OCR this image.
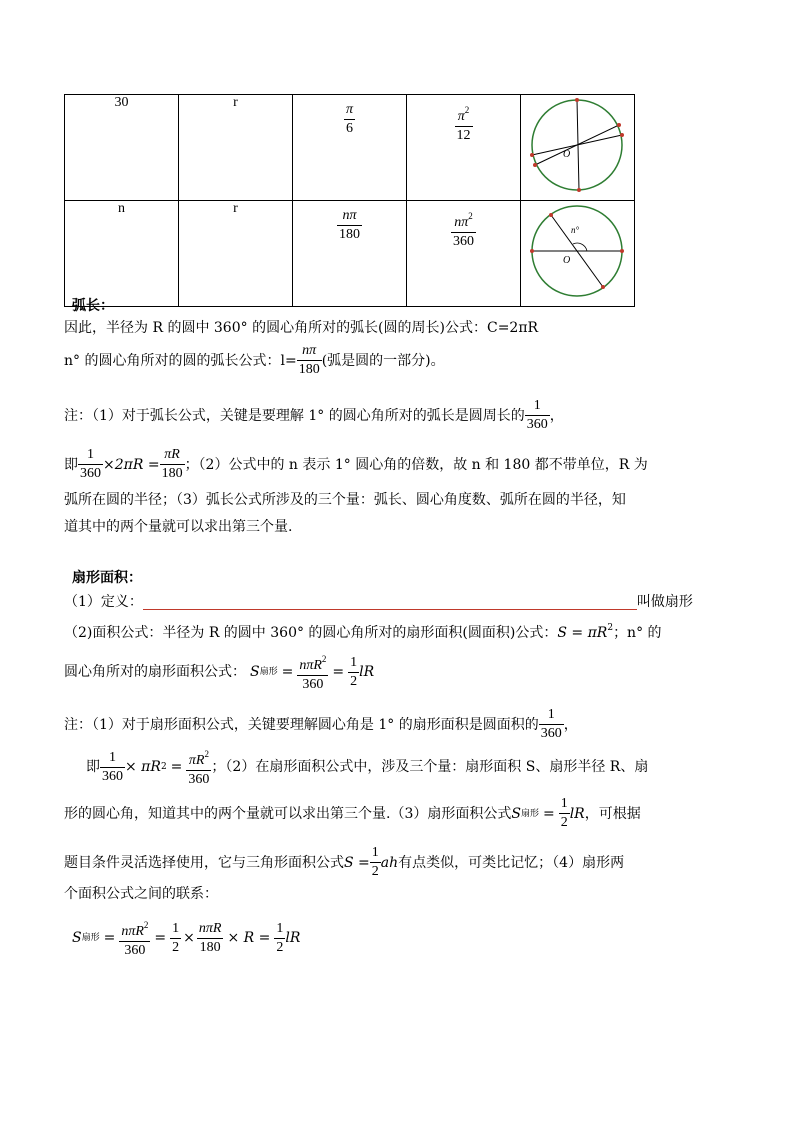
30	r	$\frac{\pi}{6}$	$\frac{\pi^2}{12}$	O

n	r	$\frac{n\pi}{180}$	$\frac{n\pi^2}{360}$	n°
O
弧长：
因此，半径为 R 的圆中 360° 的圆心角所对的弧长(圆的周长)公式：C=2πR
n° 的圆心角所对的圆的弧长公式：$l= \frac{n\pi}{180}$ (弧是圆的一部分)。
注：（1）对于弧长公式，关键是要理解 1° 的圆心角所对的弧长是圆周长的 $\frac{1}{360}$ ，
即 $\frac{1}{360} \times 2\pi R = \frac{\pi R}{180}$ ；（2）公式中的 n 表示 1° 圆心角的倍数，故 n 和 180 都不带单位，R 为
弧所在圆的半径；（3）弧长公式所涉及的三个量：弧长、圆心角度数、弧所在圆的半径，知
道其中的两个量就可以求出第三个量.
扇形面积：
（1）定义：	叫做扇形
（2)面积公式：半径为 R 的圆中 360° 的圆心角所对的扇形面积(圆面积)公式：$S = \pi R^2$；n° 的
圆心角所对的扇形面积公式： S 扇形 = $\frac{n\pi R^2}{360} = \frac{1}{2}$ lR
注：（1）对于扇形面积公式，关键要理解圆心角是 1° 的扇形面积是圆面积的 $\frac{1}{360}$ ，
即 $\frac{1}{360} \times \pi R$ $2 = \frac{\pi R^2}{360}$ ；（2）在扇形面积公式中，涉及三个量：扇形面积 S、扇形半径 R、扇
形的圆心角，知道其中的两个量就可以求出第三个量.（3）扇形面积公式 S 扇形 = $\frac{1}{2}$ lR ，可根据
题目条件灵活选择使用，它与三角形面积公式 $S = \frac{1}{2}$ ah 有点类似，可类比记忆；（4）扇形两
个面积公式之间的联系：
S 扇形 = $\frac{n\pi R^2}{360} = \frac{1}{2} \times \frac{\text{nπR}}{180} \times R = \frac{1}{2}$ lR
